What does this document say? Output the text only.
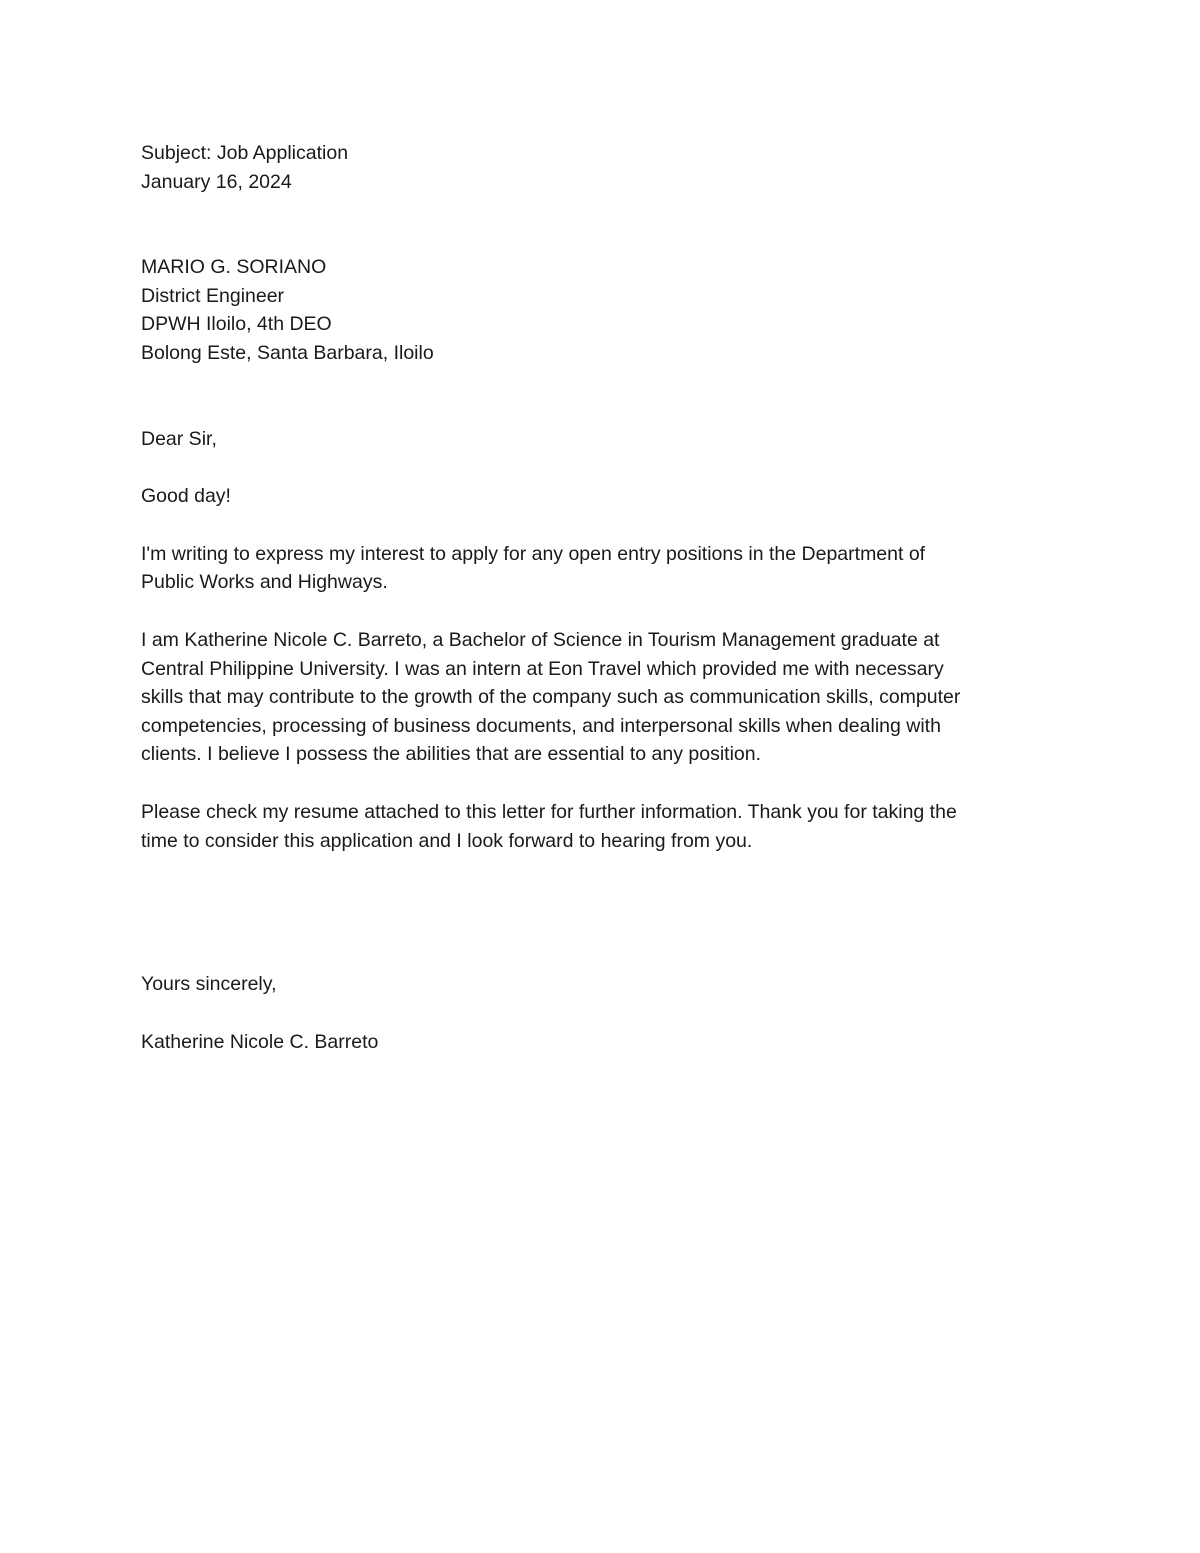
Subject: Job Application
January 16, 2024
MARIO G. SORIANO
District Engineer
DPWH Iloilo, 4th DEO
Bolong Este, Santa Barbara, Iloilo
Dear Sir,
Good day!
I'm writing to express my interest to apply for any open entry positions in the Department of
Public Works and Highways.
I am Katherine Nicole C. Barreto, a Bachelor of Science in Tourism Management graduate at
Central Philippine University. I was an intern at Eon Travel which provided me with necessary
skills that may contribute to the growth of the company such as communication skills, computer
competencies, processing of business documents, and interpersonal skills when dealing with
clients. I believe I possess the abilities that are essential to any position.
Please check my resume attached to this letter for further information. Thank you for taking the
time to consider this application and I look forward to hearing from you.
Yours sincerely,
Katherine Nicole C. Barreto
